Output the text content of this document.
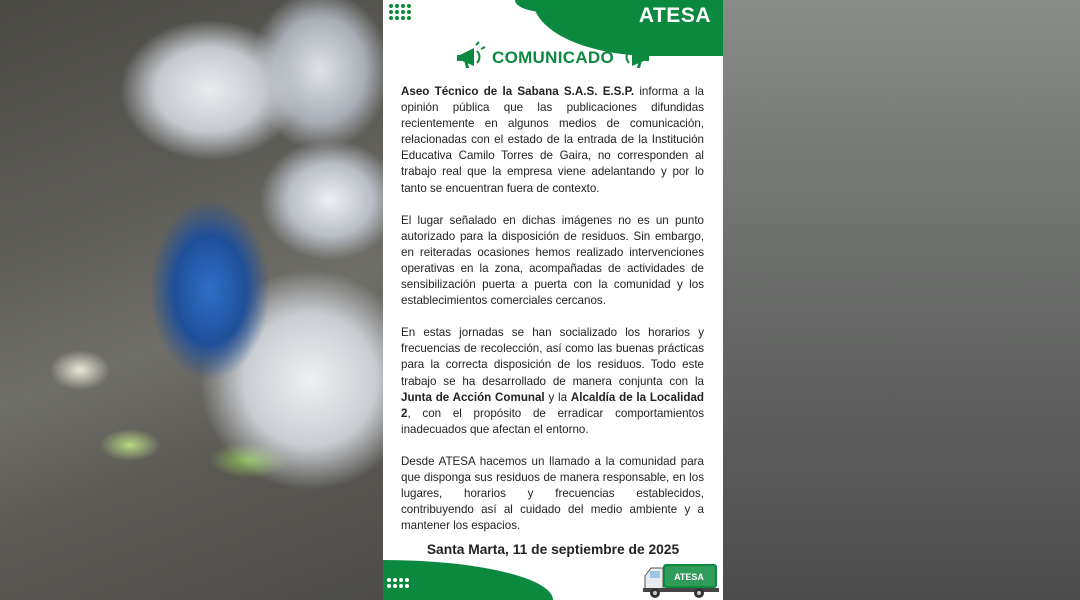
ATESA
COMUNICADO

Aseo Técnico de la Sabana S.A.S. E.S.P. informa a la opinión pública que las publicaciones difundidas recientemente en algunos medios de comunicación, relacionadas con el estado de la entrada de la Institución Educativa Camilo Torres de Gaira, no corresponden al trabajo real que la empresa viene adelantando y por lo tanto se encuentran fuera de contexto.

El lugar señalado en dichas imágenes no es un punto autorizado para la disposición de residuos. Sin embargo, en reiteradas ocasiones hemos realizado intervenciones operativas en la zona, acompañadas de actividades de sensibilización puerta a puerta con la comunidad y los establecimientos comerciales cercanos.

En estas jornadas se han socializado los horarios y frecuencias de recolección, así como las buenas prácticas para la correcta disposición de los residuos. Todo este trabajo se ha desarrollado de manera conjunta con la Junta de Acción Comunal y la Alcaldía de la Localidad 2, con el propósito de erradicar comportamientos inadecuados que afectan el entorno.

Desde ATESA hacemos un llamado a la comunidad para que disponga sus residuos de manera responsable, en los lugares, horarios y frecuencias establecidos, contribuyendo así al cuidado del medio ambiente y a mantener los espacios.

Santa Marta, 11 de septiembre de 2025
ATESA
